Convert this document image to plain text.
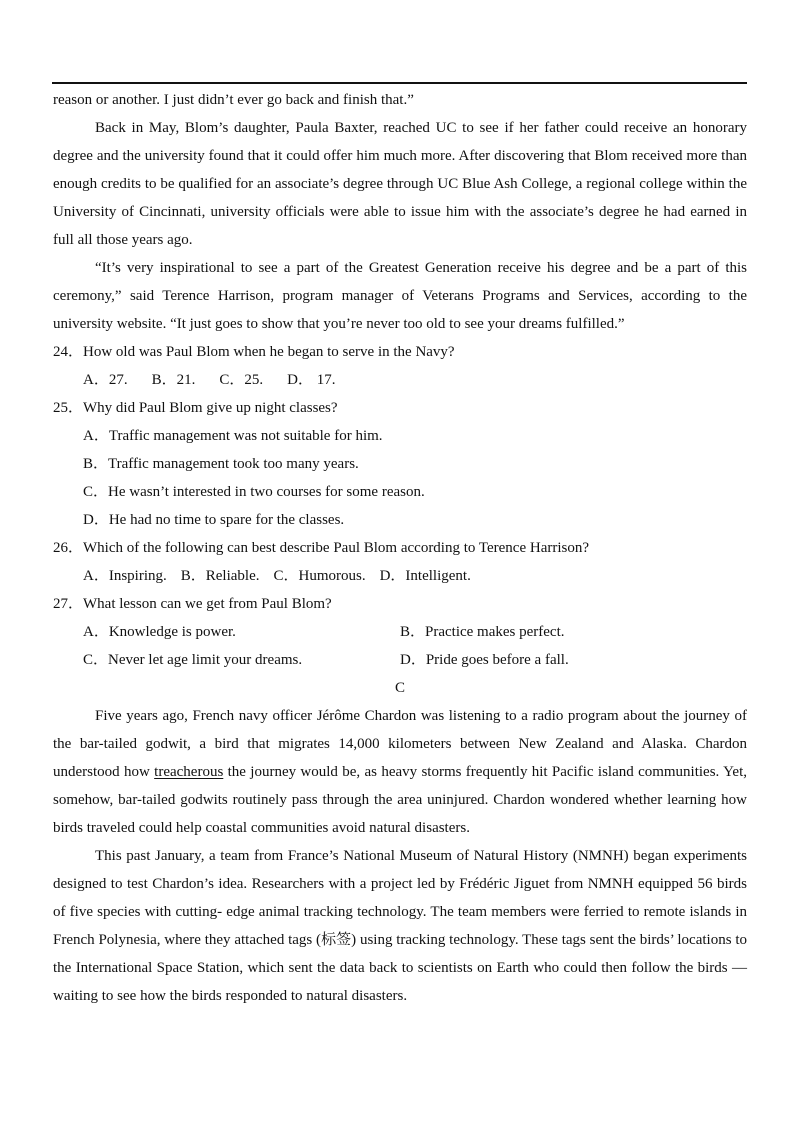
reason or another. I just didn’t ever go back and finish that.”

Back in May, Blom’s daughter, Paula Baxter, reached UC to see if her father could receive an honorary degree and the university found that it could offer him much more. After discovering that Blom received more than enough credits to be qualified for an associate’s degree through UC Blue Ash College, a regional college within the University of Cincinnati, university officials were able to issue him with the associate’s degree he had earned in full all those years ago.

“It’s very inspirational to see a part of the Greatest Generation receive his degree and be a part of this ceremony,” said Terence Harrison, program manager of Veterans Programs and Services, according to the university website. “It just goes to show that you’re never too old to see your dreams fulfilled.”

24．How old was Paul Blom when he began to serve in the Navy?

A．27. B．21. C．25. D． 17.

25．Why did Paul Blom give up night classes?

A．Traffic management was not suitable for him.
B．Traffic management took too many years.
C．He wasn’t interested in two courses for some reason.
D．He had no time to spare for the classes.

26．Which of the following can best describe Paul Blom according to Terence Harrison?

A．Inspiring. B．Reliable. C．Humorous. D．Intelligent.

27．What lesson can we get from Paul Blom?

A．Knowledge is power.	B．Practice makes perfect.
C．Never let age limit your dreams.	D．Pride goes before a fall.

C

Five years ago, French navy officer Jérôme Chardon was listening to a radio program about the journey of the bar-tailed godwit, a bird that migrates 14,000 kilometers between New Zealand and Alaska. Chardon understood how treacherous the journey would be, as heavy storms frequently hit Pacific island communities. Yet, somehow, bar-tailed godwits routinely pass through the area uninjured. Chardon wondered whether learning how birds traveled could help coastal communities avoid natural disasters.

This past January, a team from France’s National Museum of Natural History (NMNH) began experiments designed to test Chardon’s idea. Researchers with a project led by Frédéric Jiguet from NMNH equipped 56 birds of five species with cutting- edge animal tracking technology. The team members were ferried to remote islands in French Polynesia, where they attached tags (标签) using tracking technology. These tags sent the birds’ locations to the International Space Station, which sent the data back to scientists on Earth who could then follow the birds — waiting to see how the birds responded to natural disasters.
